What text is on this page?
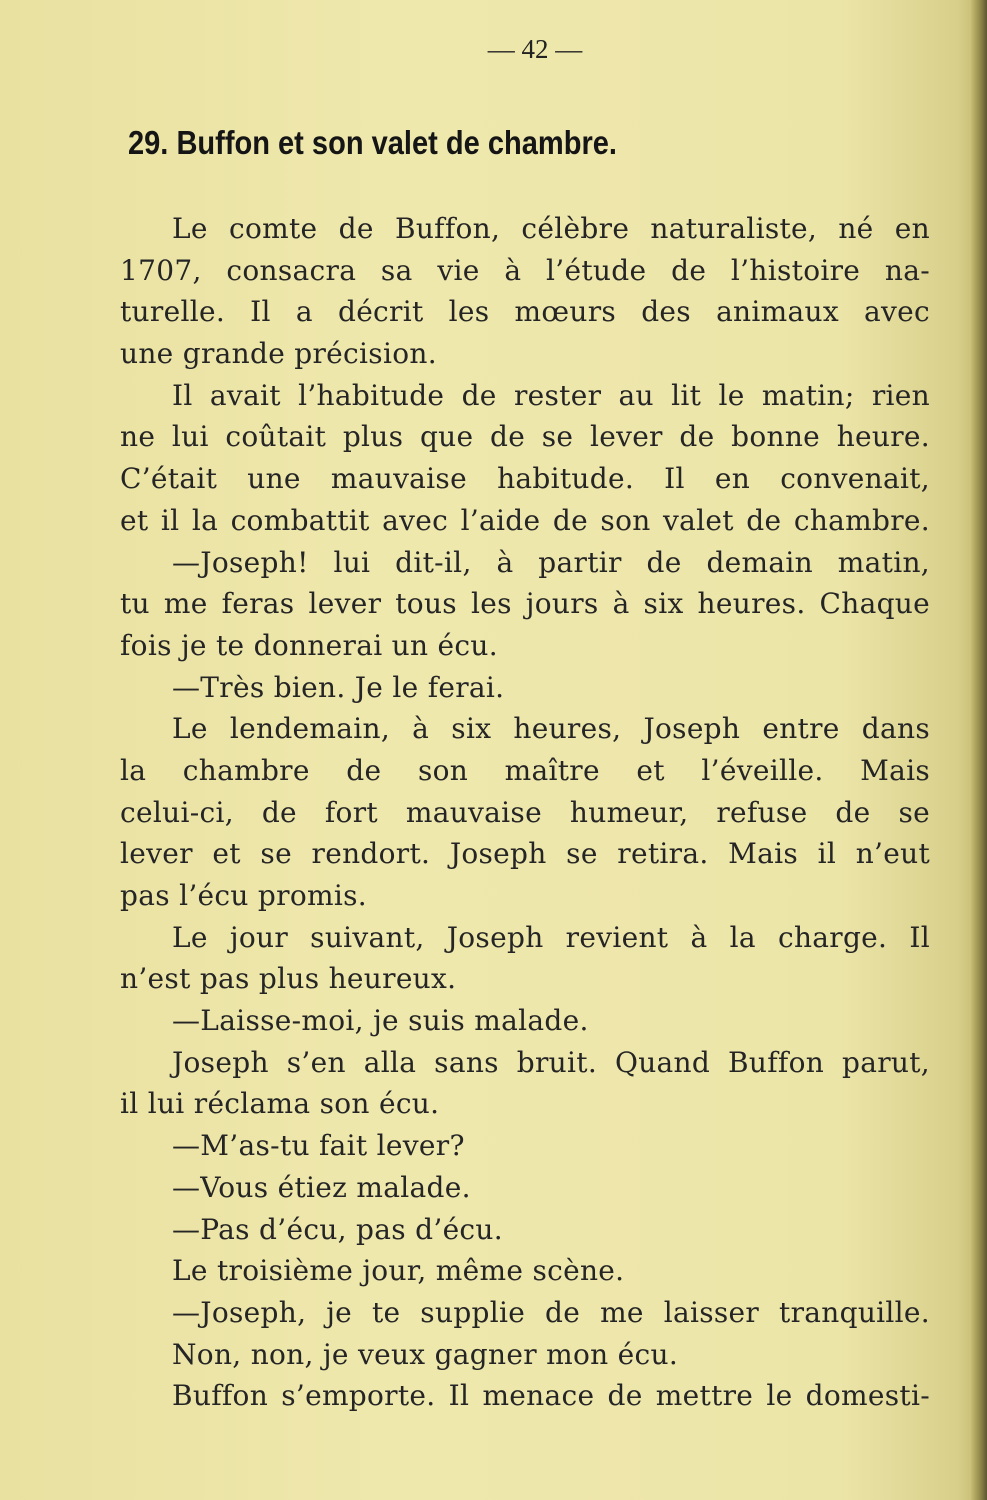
— 42 —
29. Buffon et son valet de chambre.
Le comte de Buffon, célèbre naturaliste, né en
1707, consacra sa vie à l’étude de l’histoire na-
turelle. Il a décrit les mœurs des animaux avec
une grande précision.
Il avait l’habitude de rester au lit le matin; rien
ne lui coûtait plus que de se lever de bonne heure.
C’était une mauvaise habitude. Il en convenait,
et il la combattit avec l’aide de son valet de chambre.
—Joseph! lui dit-il, à partir de demain matin,
tu me feras lever tous les jours à six heures. Chaque
fois je te donnerai un écu.
—Très bien. Je le ferai.
Le lendemain, à six heures, Joseph entre dans
la chambre de son maître et l’éveille. Mais
celui-ci, de fort mauvaise humeur, refuse de se
lever et se rendort. Joseph se retira. Mais il n’eut
pas l’écu promis.
Le jour suivant, Joseph revient à la charge. Il
n’est pas plus heureux.
—Laisse-moi, je suis malade.
Joseph s’en alla sans bruit. Quand Buffon parut,
il lui réclama son écu.
—M’as-tu fait lever?
—Vous étiez malade.
—Pas d’écu, pas d’écu.
Le troisième jour, même scène.
—Joseph, je te supplie de me laisser tranquille.
Non, non, je veux gagner mon écu.
Buffon s’emporte. Il menace de mettre le domesti-
